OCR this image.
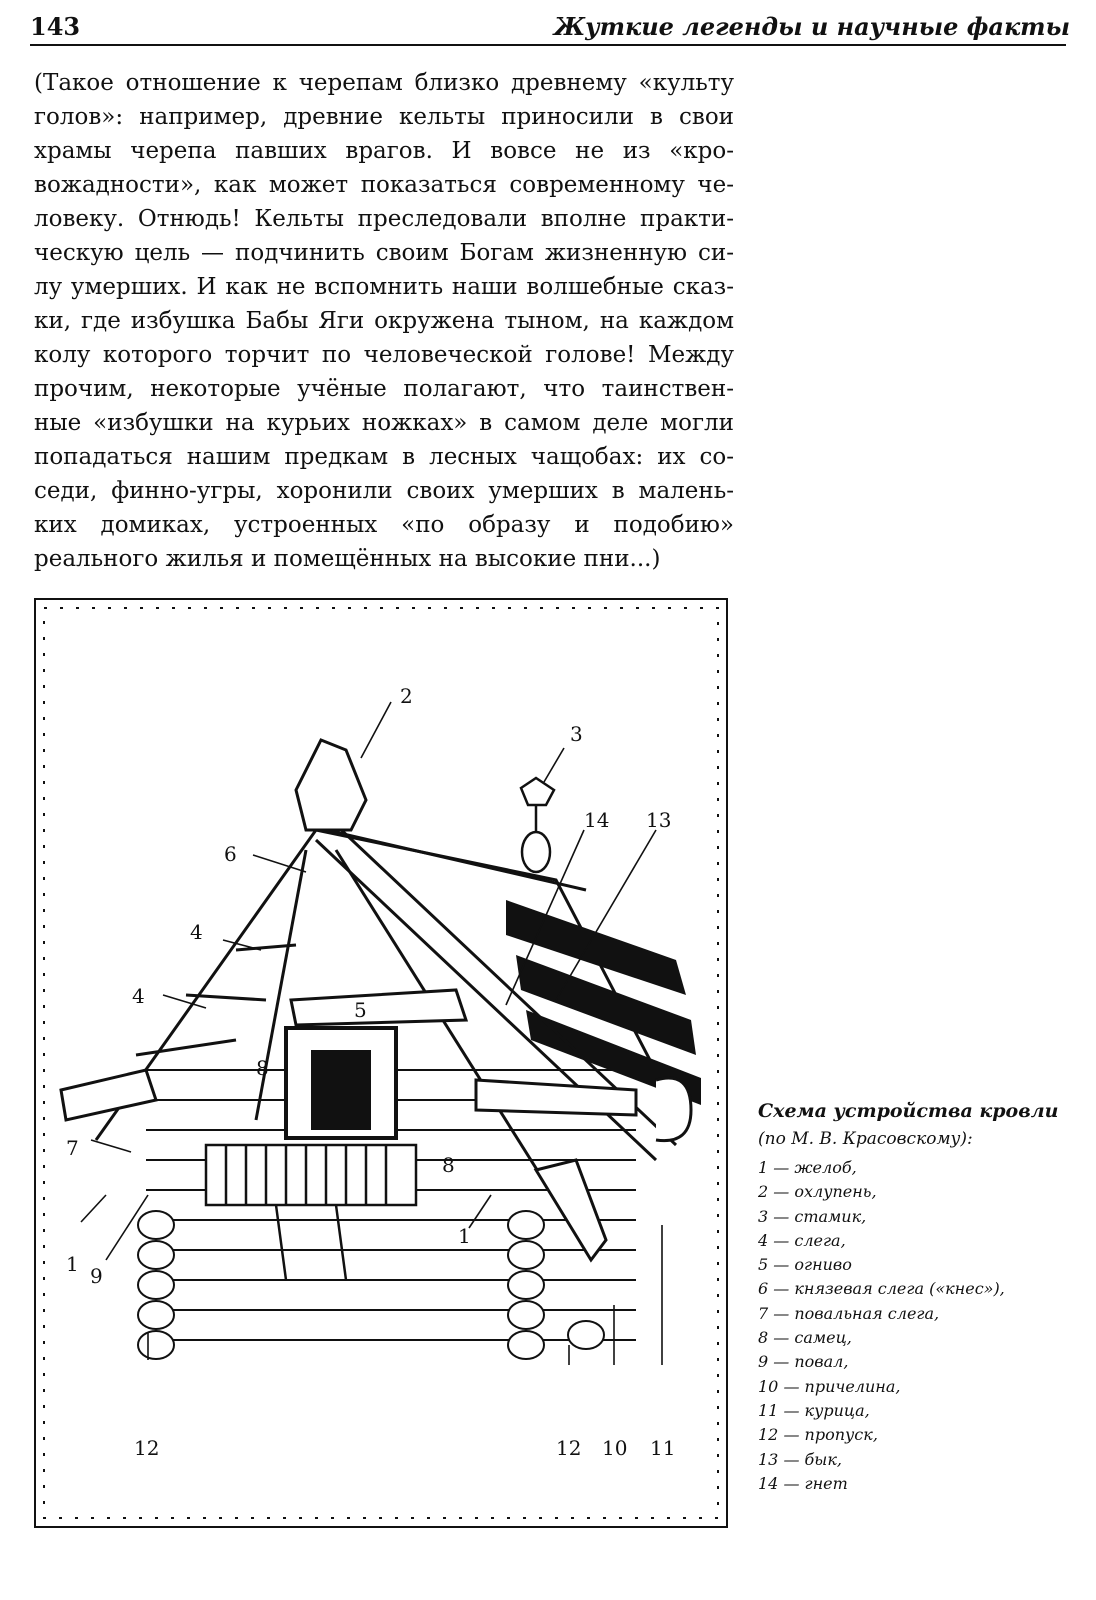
143	Жуткие легенды и научные факты

(Такое отношение к черепам близко древнему «культу голов»: например, древние кельты приносили в свои храмы черепа павших врагов. И вовсе не из «кро-вожадности», как может показаться современному че-ловеку. Отнюдь! Кельты преследовали вполне практи-ческую цель — подчинить своим Богам жизненную си-лу умерших. И как не вспомнить наши волшебные сказ-ки, где избушка Бабы Яги окружена тыном, на каждом колу которого торчит по человеческой голове! Между прочим, некоторые учёные полагают, что таинствен-ные «избушки на курьих ножках» в самом деле могли попадаться нашим предкам в лесных чащобах: их со-седи, финно-угры, хоронили своих умерших в малень-ких домиках, устроенных «по образу и подобию» реального жилья и помещённых на высокие пни...)

2
3
14 13
6
4
4
5
8
8
7
1
1 9
12	12 10 11

Схема устройства кровли

(по М. В. Красовскому):

1 — желоб,
2 — охлупень,
3 — стамик,
4 — слега,
5 — огниво
6 — князевая слега («кнес»),
7 — повальная слега,
8 — самец,
9 — повал,
10 — причелина,
11 — курица,
12 — пропуск,
13 — бык,
14 — гнет
